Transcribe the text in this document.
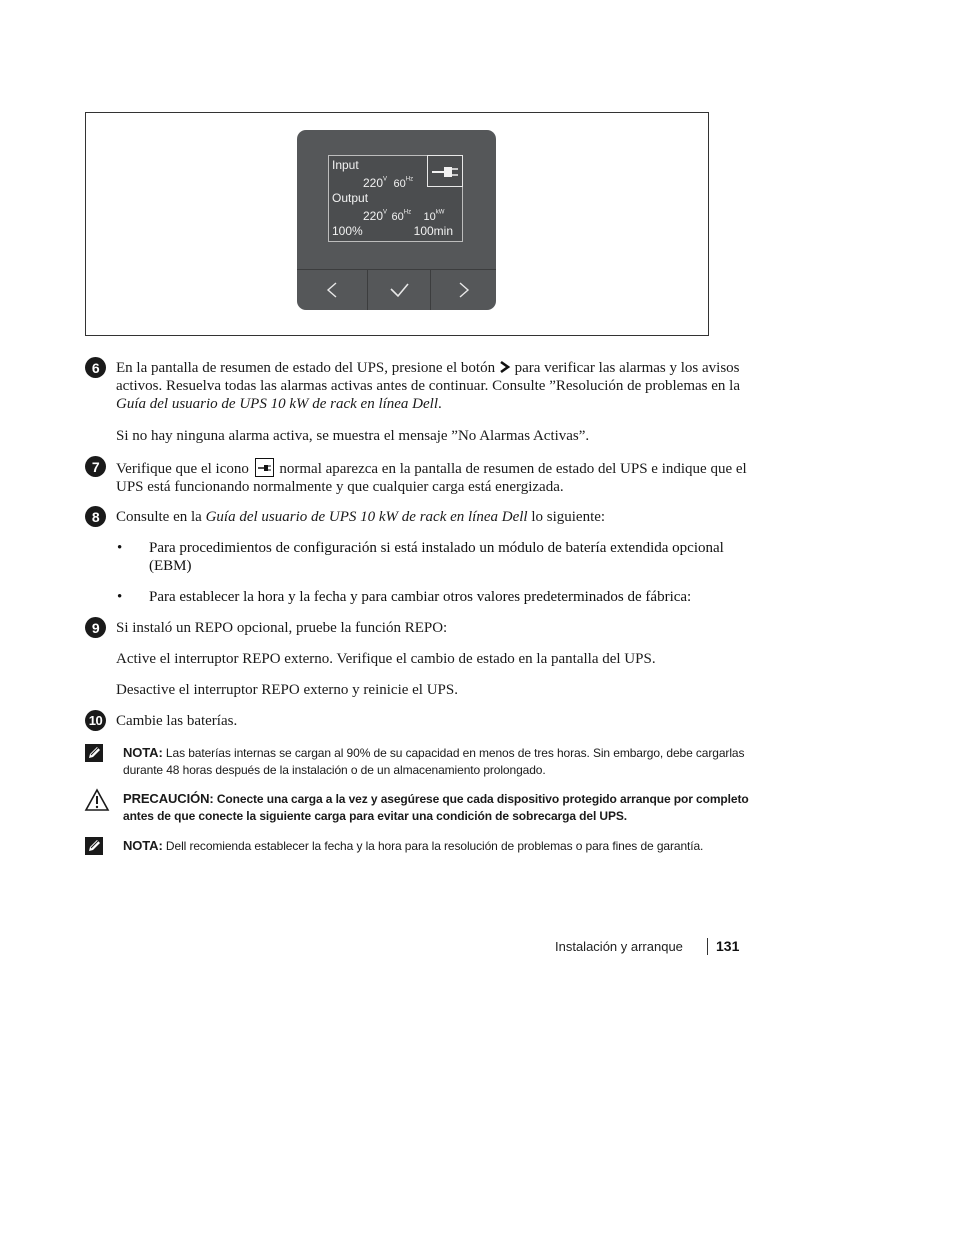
Input
$220^V$ $60^{Hz}$
Output
$220^V$ $60^{Hz}$ $10^{kW}$
100%	100min
6	En la pantalla de resumen de estado del UPS, presione el botón  para verificar las alarmas y los avisos activos. Resuelva todas las alarmas activas antes de continuar. Consulte ”Resolución de problemas en la Guía del usuario de UPS 10 kW de rack en línea Dell.
Si no hay ninguna alarma activa, se muestra el mensaje ”No Alarmas Activas”.
7	Verifique que el icono
normal aparezca en la pantalla de resumen de estado del UPS e indique que el UPS está funcionando normalmente y que cualquier carga está energizada.
8	Consulte en la Guía del usuario de UPS 10 kW de rack en línea Dell lo siguiente:
• Para procedimientos de configuración si está instalado un módulo de batería extendida opcional (EBM)
• Para establecer la hora y la fecha y para cambiar otros valores predeterminados de fábrica:
9	Si instaló un REPO opcional, pruebe la función REPO:
Active el interruptor REPO externo. Verifique el cambio de estado en la pantalla del UPS.
Desactive el interruptor REPO externo y reinicie el UPS.
10 Cambie las baterías.
NOTA: Las baterías internas se cargan al 90% de su capacidad en menos de tres horas. Sin embargo, debe cargarlas durante 48 horas después de la instalación o de un almacenamiento prolongado.
PRECAUCIÓN: Conecte una carga a la vez y asegúrese que cada dispositivo protegido arranque por completo antes de que conecte la siguiente carga para evitar una condición de sobrecarga del UPS.
NOTA: Dell recomienda establecer la fecha y la hora para la resolución de problemas o para fines de garantía.
Instalación y arranque 131
